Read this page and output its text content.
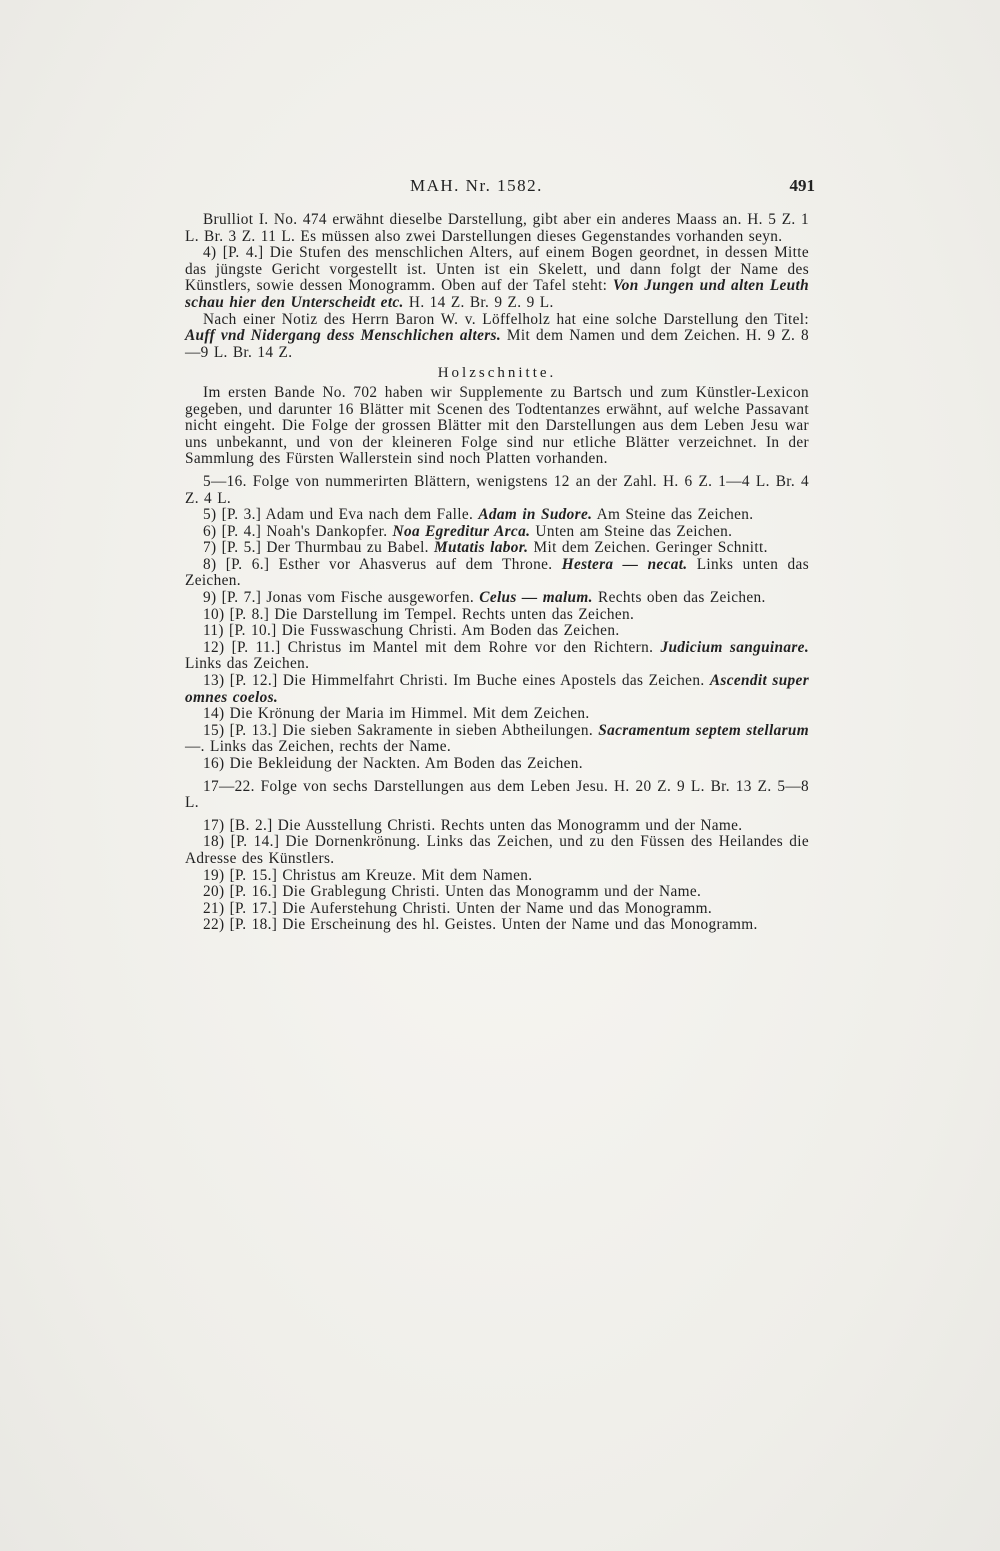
MAH. Nr. 1582.	491

Brulliot I. No. 474 erwähnt dieselbe Darstellung, gibt aber ein anderes Maass an. H. 5 Z. 1 L. Br. 3 Z. 11 L. Es müssen also zwei Darstellungen dieses Gegenstandes vorhanden seyn.

4) [P. 4.] Die Stufen des menschlichen Alters, auf einem Bogen geordnet, in dessen Mitte das jüngste Gericht vorgestellt ist. Unten ist ein Skelett, und dann folgt der Name des Künstlers, sowie dessen Monogramm. Oben auf der Tafel steht: Von Jungen und alten Leuth schau hier den Unterscheidt etc. H. 14 Z. Br. 9 Z. 9 L.

Nach einer Notiz des Herrn Baron W. v. Löffelholz hat eine solche Darstellung den Titel: Auff vnd Nidergang dess Menschlichen alters. Mit dem Namen und dem Zeichen. H. 9 Z. 8—9 L. Br. 14 Z.

Holzschnitte.

Im ersten Bande No. 702 haben wir Supplemente zu Bartsch und zum Künstler-Lexicon gegeben, und darunter 16 Blätter mit Scenen des Todtentanzes erwähnt, auf welche Passavant nicht eingeht. Die Folge der grossen Blätter mit den Darstellungen aus dem Leben Jesu war uns unbekannt, und von der kleineren Folge sind nur etliche Blätter verzeichnet. In der Sammlung des Fürsten Wallerstein sind noch Platten vorhanden.

5—16. Folge von nummerirten Blättern, wenigstens 12 an der Zahl. H. 6 Z. 1—4 L. Br. 4 Z. 4 L.

5) [P. 3.] Adam und Eva nach dem Falle. Adam in Sudore. Am Steine das Zeichen.

6) [P. 4.] Noah's Dankopfer. Noa Egreditur Arca. Unten am Steine das Zeichen.

7) [P. 5.] Der Thurmbau zu Babel. Mutatis labor. Mit dem Zeichen. Geringer Schnitt.

8) [P. 6.] Esther vor Ahasverus auf dem Throne. Hestera — necat. Links unten das Zeichen.

9) [P. 7.] Jonas vom Fische ausgeworfen. Celus — malum. Rechts oben das Zeichen.

10) [P. 8.] Die Darstellung im Tempel. Rechts unten das Zeichen.

11) [P. 10.] Die Fusswaschung Christi. Am Boden das Zeichen.

12) [P. 11.] Christus im Mantel mit dem Rohre vor den Richtern. Judicium sanguinare. Links das Zeichen.

13) [P. 12.] Die Himmelfahrt Christi. Im Buche eines Apostels das Zeichen. Ascendit super omnes coelos.

14) Die Krönung der Maria im Himmel. Mit dem Zeichen.

15) [P. 13.] Die sieben Sakramente in sieben Abtheilungen. Sacramentum septem stellarum —. Links das Zeichen, rechts der Name.

16) Die Bekleidung der Nackten. Am Boden das Zeichen.

17—22. Folge von sechs Darstellungen aus dem Leben Jesu. H. 20 Z. 9 L. Br. 13 Z. 5—8 L.

17) [B. 2.] Die Ausstellung Christi. Rechts unten das Monogramm und der Name.

18) [P. 14.] Die Dornenkrönung. Links das Zeichen, und zu den Füssen des Heilandes die Adresse des Künstlers.

19) [P. 15.] Christus am Kreuze. Mit dem Namen.

20) [P. 16.] Die Grablegung Christi. Unten das Monogramm und der Name.

21) [P. 17.] Die Auferstehung Christi. Unten der Name und das Monogramm.

22) [P. 18.] Die Erscheinung des hl. Geistes. Unten der Name und das Monogramm.
